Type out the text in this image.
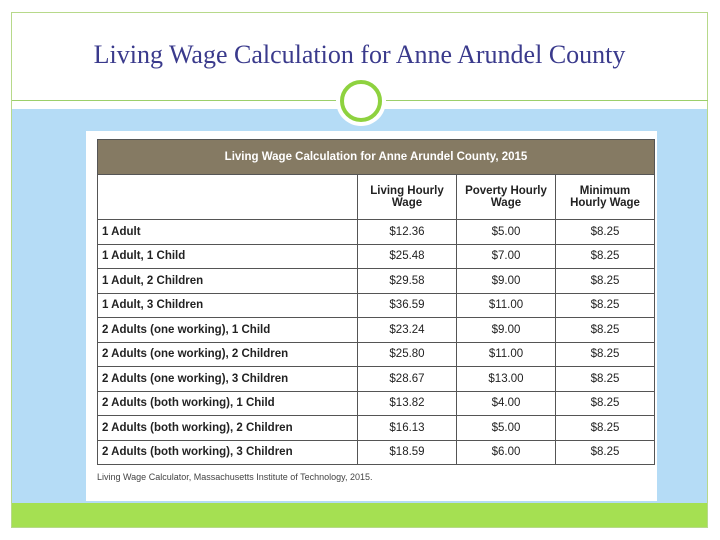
Living Wage Calculation for Anne Arundel County
Living Wage Calculation for Anne Arundel County, 2015			
	Living Hourly Wage	Poverty Hourly Wage	Minimum Hourly Wage
1 Adult	$12.36	$5.00	$8.25
1 Adult, 1 Child	$25.48	$7.00	$8.25
1 Adult, 2 Children	$29.58	$9.00	$8.25
1 Adult, 3 Children	$36.59	$11.00	$8.25
2 Adults (one working), 1 Child	$23.24	$9.00	$8.25
2 Adults (one working), 2 Children	$25.80	$11.00	$8.25
2 Adults (one working), 3 Children	$28.67	$13.00	$8.25
2 Adults (both working), 1 Child	$13.82	$4.00	$8.25
2 Adults (both working), 2 Children	$16.13	$5.00	$8.25
2 Adults (both working), 3 Children	$18.59	$6.00	$8.25
Living Wage Calculator, Massachusetts Institute of Technology, 2015.
